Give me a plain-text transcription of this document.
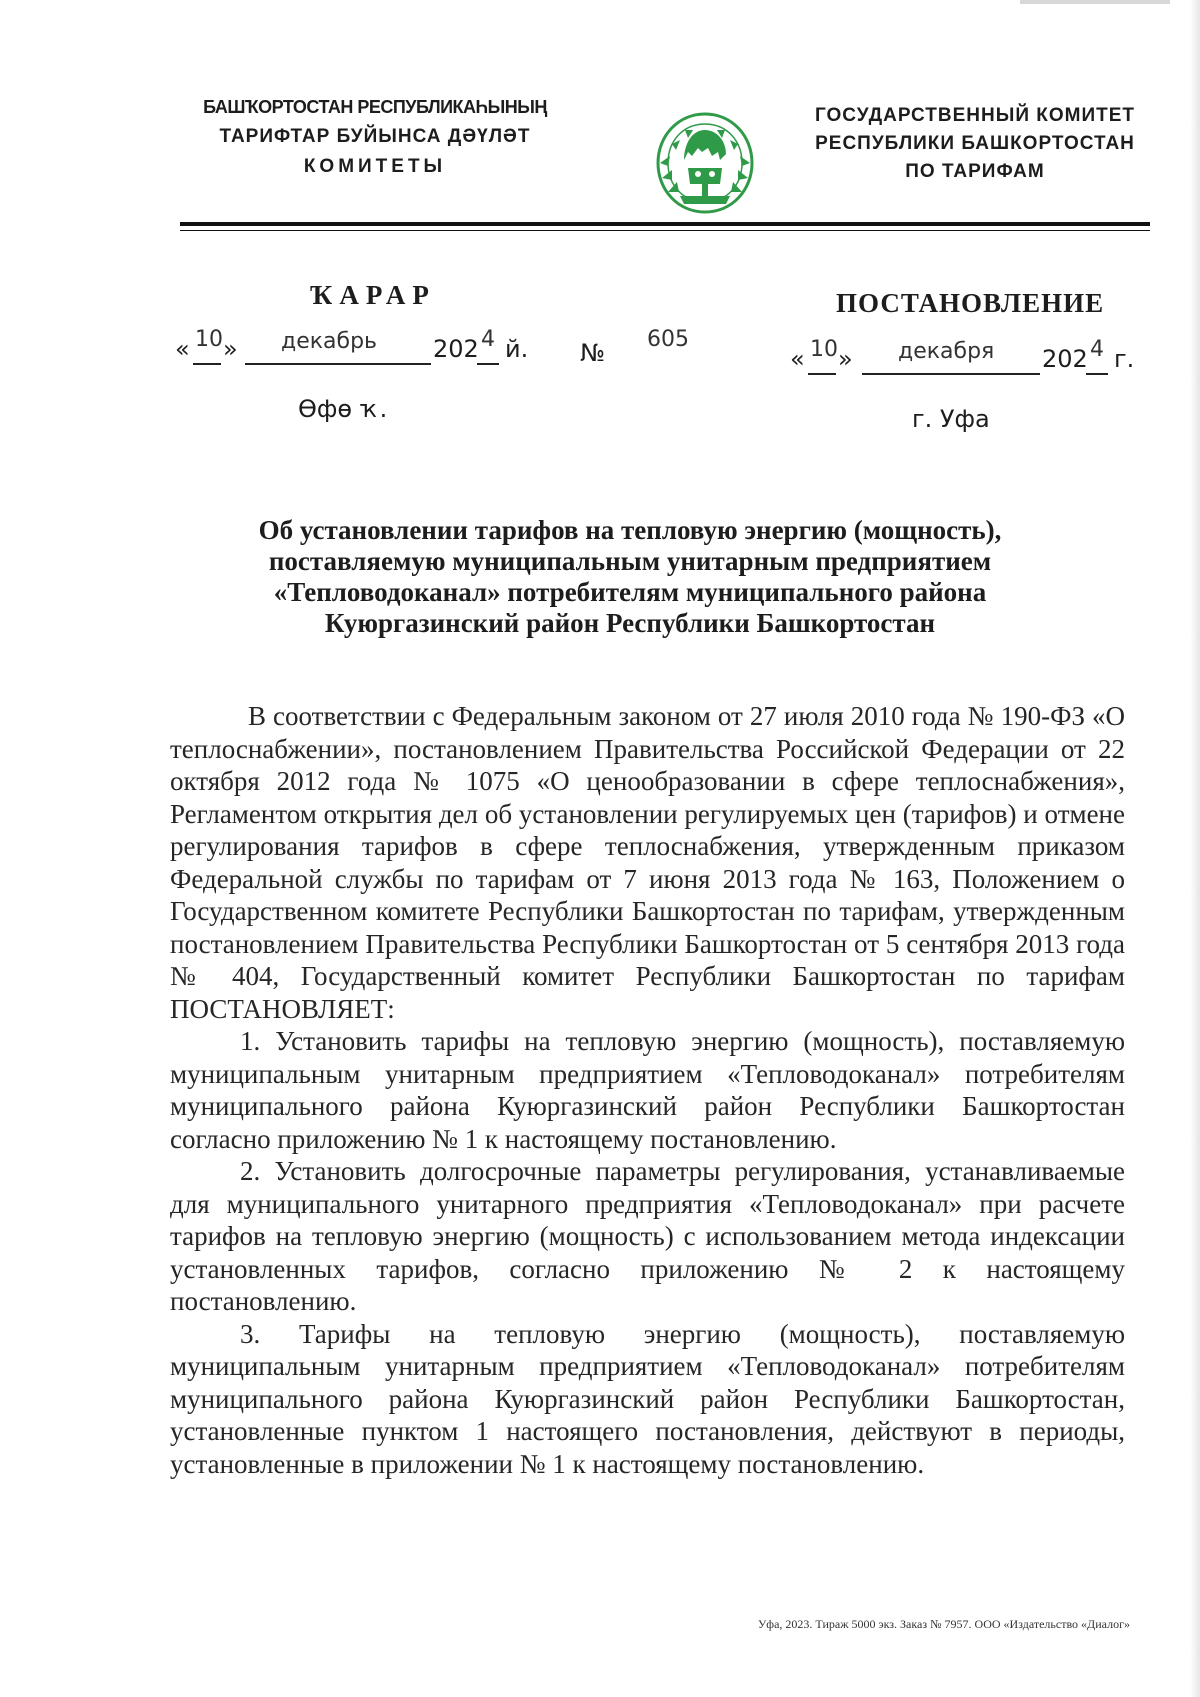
БАШҠОРТОСТАН РЕСПУБЛИКАҺЫНЫҢ
ТАРИФТАР БУЙЫНСА ДӘҮЛӘТ
КОМИТЕТЫ
ГОСУДАРСТВЕННЫЙ КОМИТЕТ
РЕСПУБЛИКИ БАШКОРТОСТАН
ПО ТАРИФАМ
ҠАРАР	ПОСТАНОВЛЕНИЕ
« 10 » декабрь 202 4 й. № 605
« 10 » декабря 202 4 г.
Өфө ҡ.	г. Уфа
Об установлении тарифов на тепловую энергию (мощность),
поставляемую муниципальным унитарным предприятием
«Тепловодоканал» потребителям муниципального района
Куюргазинский район Республики Башкортостан

В соответствии с Федеральным законом от 27 июля 2010 года № 190-ФЗ «О теплоснабжении», постановлением Правительства Российской Федерации от 22 октября 2012 года № 1075 «О ценообразовании в сфере теплоснабжения», Регламентом открытия дел об установлении регулируемых цен (тарифов) и отмене регулирования тарифов в сфере теплоснабжения, утвержденным приказом Федеральной службы по тарифам от 7 июня 2013 года № 163, Положением о Государственном комитете Республики Башкортостан по тарифам, утвержденным постановлением Правительства Республики Башкортостан от 5 сентября 2013 года № 404, Государственный комитет Республики Башкортостан по тарифам ПОСТАНОВЛЯЕТ:

1. Установить тарифы на тепловую энергию (мощность), поставляемую муниципальным унитарным предприятием «Тепловодоканал» потребителям муниципального района Куюргазинский район Республики Башкортостан согласно приложению № 1 к настоящему постановлению.

2. Установить долгосрочные параметры регулирования, устанавливаемые для муниципального унитарного предприятия «Тепловодоканал» при расчете тарифов на тепловую энергию (мощность) с использованием метода индексации установленных тарифов, согласно приложению № 2 к настоящему постановлению.

3. Тарифы на тепловую энергию (мощность), поставляемую муниципальным унитарным предприятием «Тепловодоканал» потребителям муниципального района Куюргазинский район Республики Башкортостан, установленные пунктом 1 настоящего постановления, действуют в периоды, установленные в приложении № 1 к настоящему постановлению.

Уфа, 2023. Тираж 5000 экз. Заказ № 7957. ООО «Издательство «Диалог»
